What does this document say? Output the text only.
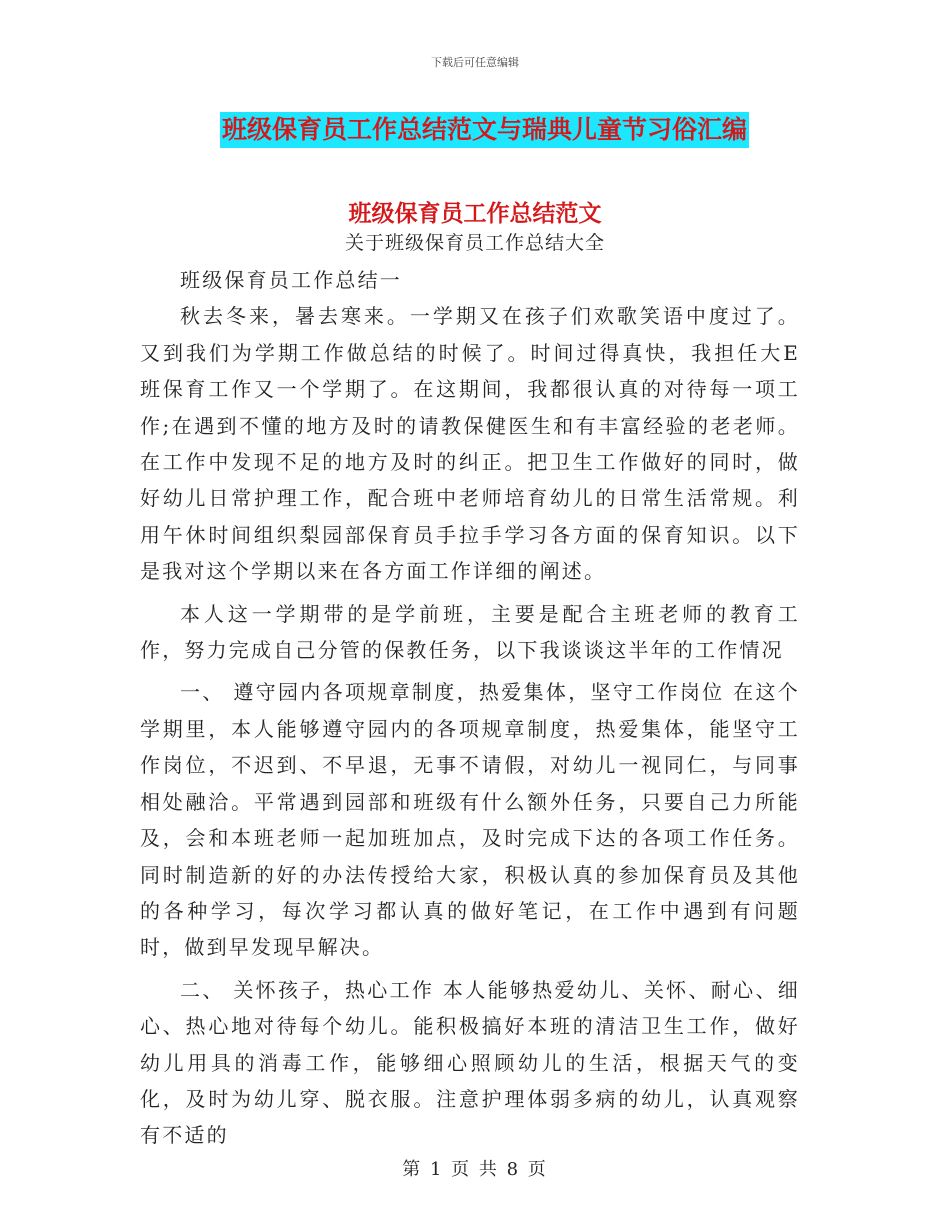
下载后可任意编辑
班级保育员工作总结范文与瑞典儿童节习俗汇编
班级保育员工作总结范文
关于班级保育员工作总结大全

班级保育员工作总结一

秋去冬来，暑去寒来。一学期又在孩子们欢歌笑语中度过了。又到我们为学期工作做总结的时候了。时间过得真快，我担任大E班保育工作又一个学期了。在这期间，我都很认真的对待每一项工作;在遇到不懂的地方及时的请教保健医生和有丰富经验的老老师。在工作中发现不足的地方及时的纠正。把卫生工作做好的同时，做好幼儿日常护理工作，配合班中老师培育幼儿的日常生活常规。利用午休时间组织梨园部保育员手拉手学习各方面的保育知识。以下是我对这个学期以来在各方面工作详细的阐述。

本人这一学期带的是学前班，主要是配合主班老师的教育工作，努力完成自己分管的保教任务，以下我谈谈这半年的工作情况

一、 遵守园内各项规章制度，热爱集体，坚守工作岗位 在这个学期里，本人能够遵守园内的各项规章制度，热爱集体，能坚守工作岗位，不迟到、不早退，无事不请假，对幼儿一视同仁，与同事相处融洽。平常遇到园部和班级有什么额外任务，只要自己力所能及，会和本班老师一起加班加点，及时完成下达的各项工作任务。同时制造新的好的办法传授给大家，积极认真的参加保育员及其他的各种学习，每次学习都认真的做好笔记，在工作中遇到有问题时，做到早发现早解决。

二、 关怀孩子，热心工作 本人能够热爱幼儿、关怀、耐心、细心、热心地对待每个幼儿。能积极搞好本班的清洁卫生工作，做好幼儿用具的消毒工作，能够细心照顾幼儿的生活，根据天气的变化，及时为幼儿穿、脱衣服。注意护理体弱多病的幼儿，认真观察有不适的

第 1 页 共 8 页
